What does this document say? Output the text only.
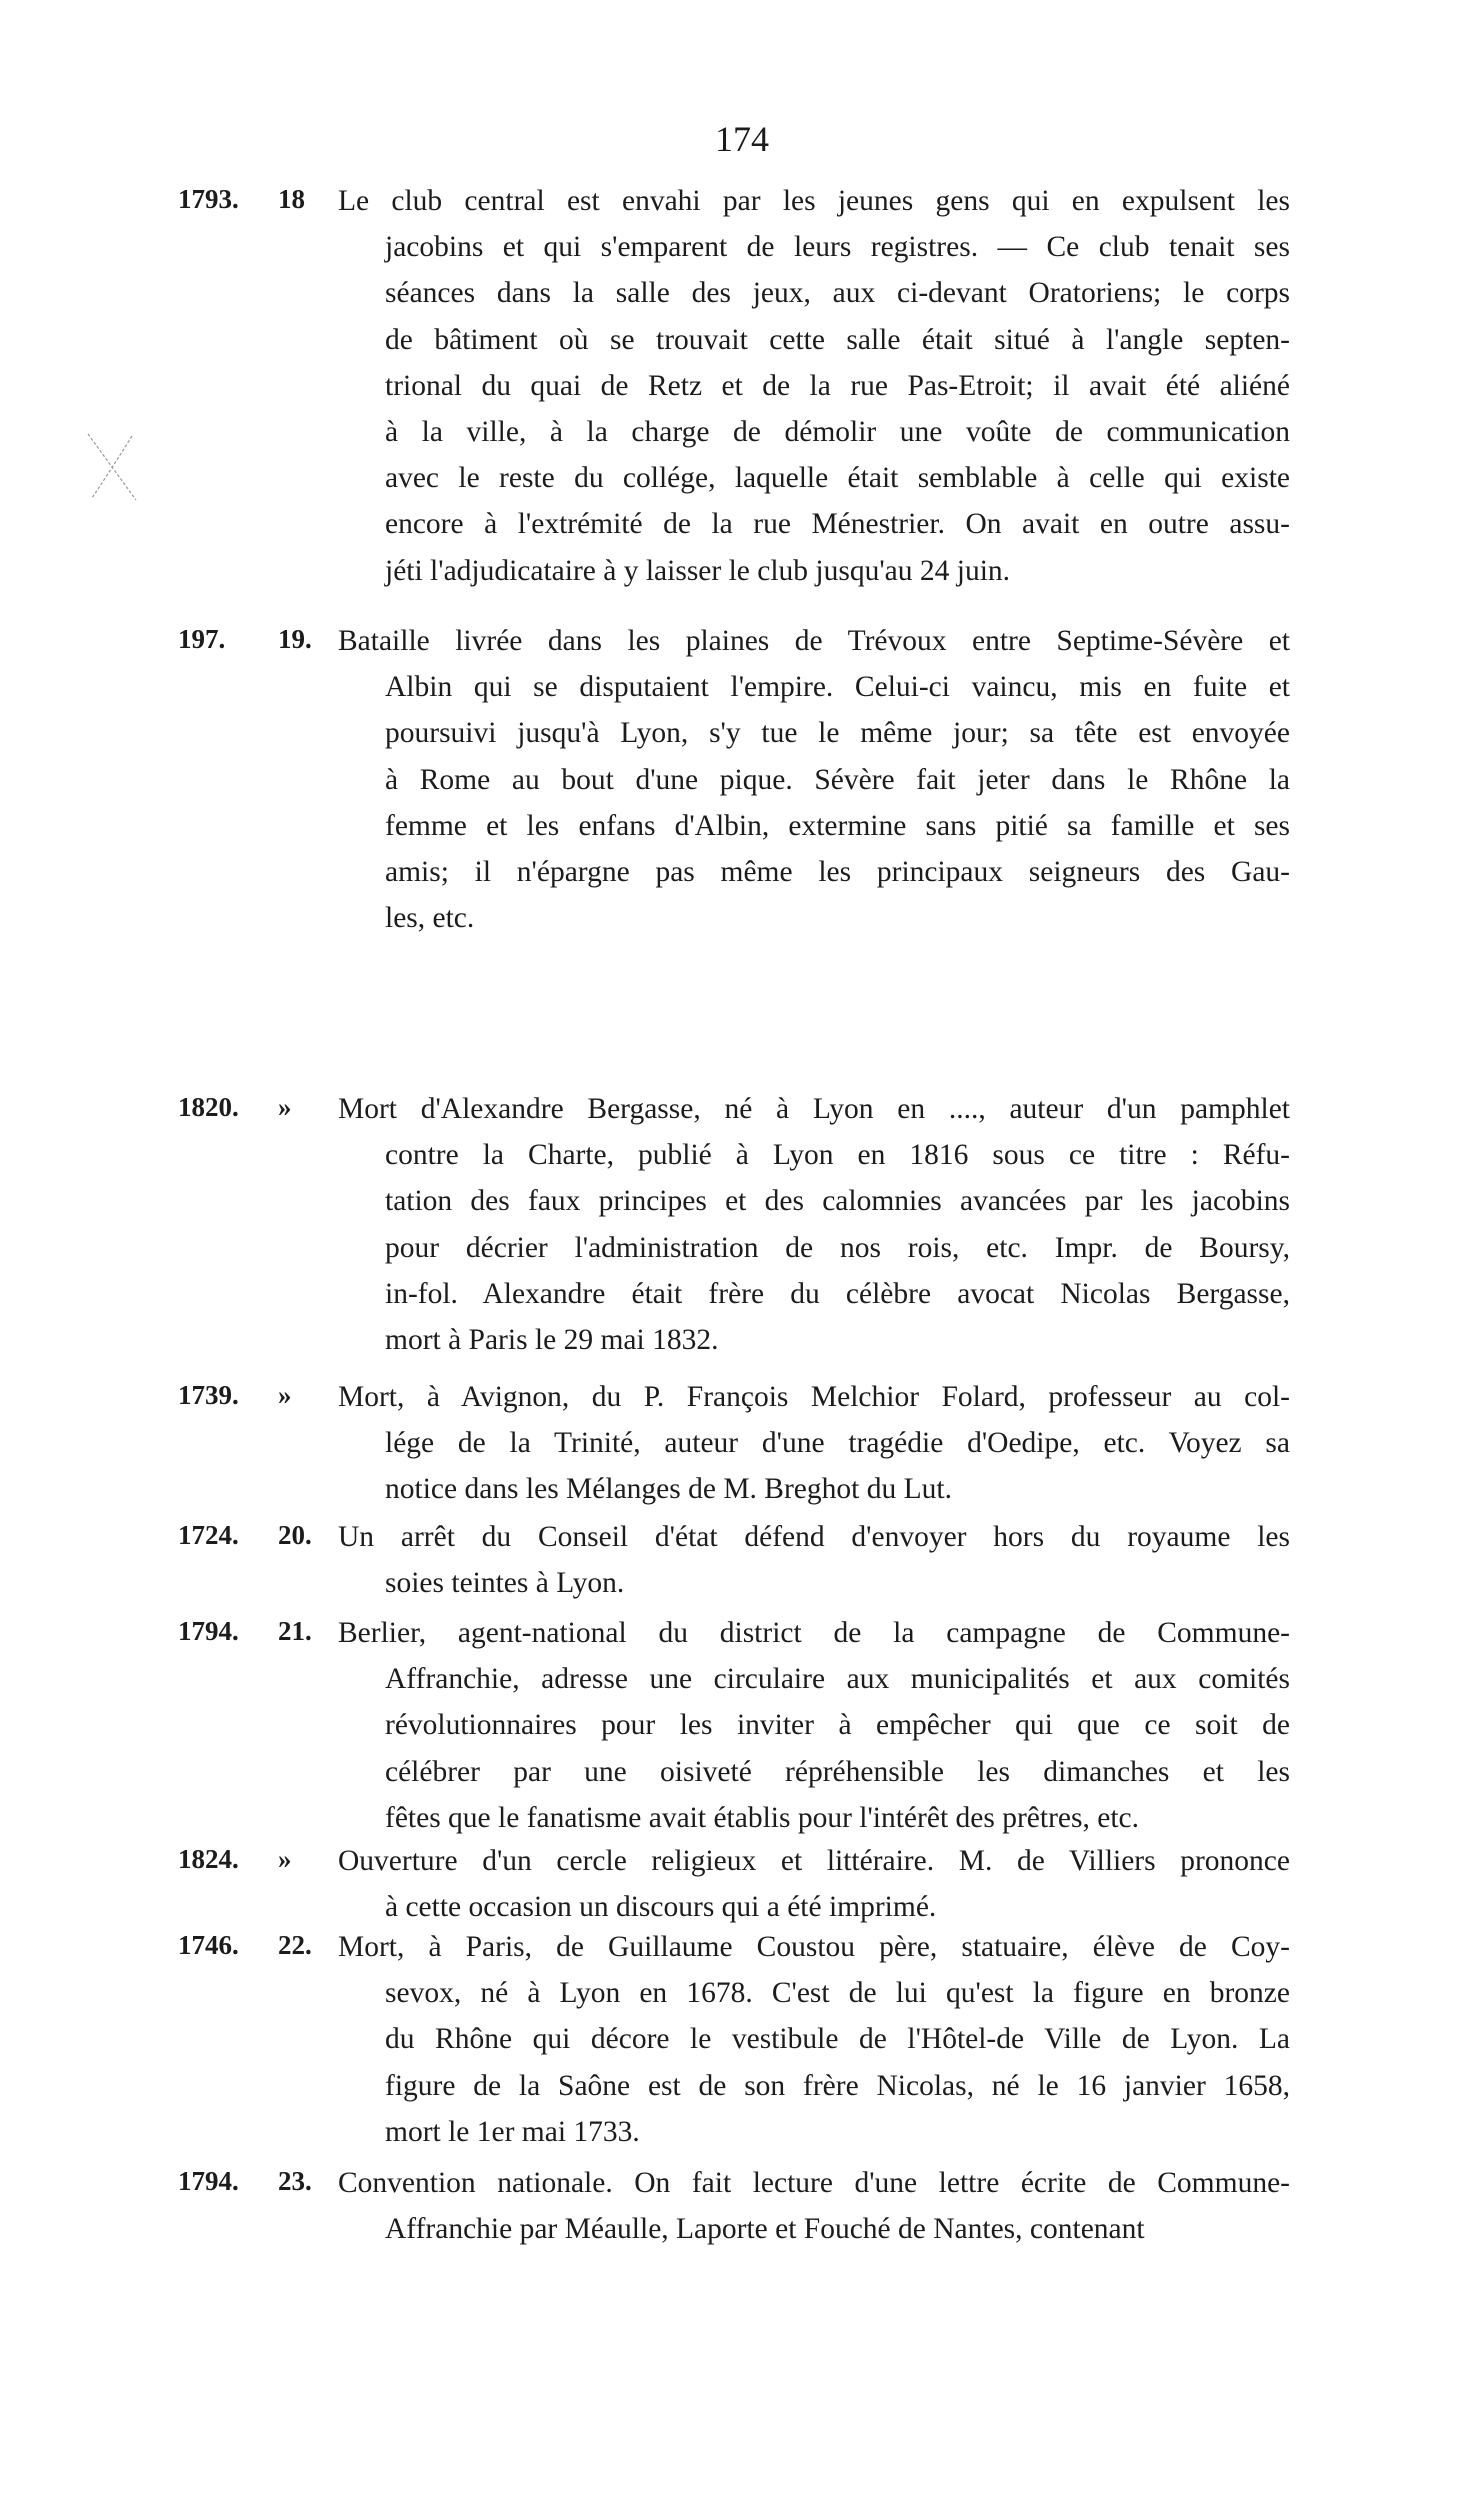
174
1793.	18	Le club central est envahi par les jeunes gens qui en expulsent les
jacobins et qui s'emparent de leurs registres. — Ce club tenait ses
séances dans la salle des jeux, aux ci-devant Oratoriens; le corps
de bâtiment où se trouvait cette salle était situé à l'angle septen-
trional du quai de Retz et de la rue Pas-Etroit; il avait été aliéné
à la ville, à la charge de démolir une voûte de communication
avec le reste du collége, laquelle était semblable à celle qui existe
encore à l'extrémité de la rue Ménestrier. On avait en outre assu-
jéti l'adjudicataire à y laisser le club jusqu'au 24 juin.
197.	19. Bataille livrée dans les plaines de Trévoux entre Septime-Sévère et
Albin qui se disputaient l'empire. Celui-ci vaincu, mis en fuite et
poursuivi jusqu'à Lyon, s'y tue le même jour; sa tête est envoyée
à Rome au bout d'une pique. Sévère fait jeter dans le Rhône la
femme et les enfans d'Albin, extermine sans pitié sa famille et ses
amis; il n'épargne pas même les principaux seigneurs des Gau-
les, etc.
1820.	»	Mort d'Alexandre Bergasse, né à Lyon en ...., auteur d'un pamphlet
contre la Charte, publié à Lyon en 1816 sous ce titre : Réfu-
tation des faux principes et des calomnies avancées par les jacobins
pour décrier l'administration de nos rois, etc. Impr. de Boursy,
in-fol. Alexandre était frère du célèbre avocat Nicolas Bergasse,
mort à Paris le 29 mai 1832.
1739.	»	Mort, à Avignon, du P. François Melchior Folard, professeur au col-
lége de la Trinité, auteur d'une tragédie d'Oedipe, etc. Voyez sa
notice dans les Mélanges de M. Breghot du Lut.
1724.	20. Un arrêt du Conseil d'état défend d'envoyer hors du royaume les
soies teintes à Lyon.
1794.	21. Berlier, agent-national du district de la campagne de Commune-
Affranchie, adresse une circulaire aux municipalités et aux comités
révolutionnaires pour les inviter à empêcher qui que ce soit de
célébrer par une oisiveté répréhensible les dimanches et les
fêtes que le fanatisme avait établis pour l'intérêt des prêtres, etc.
1824.	»	Ouverture d'un cercle religieux et littéraire. M. de Villiers prononce
à cette occasion un discours qui a été imprimé.
1746.	22. Mort, à Paris, de Guillaume Coustou père, statuaire, élève de Coy-
sevox, né à Lyon en 1678. C'est de lui qu'est la figure en bronze
du Rhône qui décore le vestibule de l'Hôtel-de Ville de Lyon. La
figure de la Saône est de son frère Nicolas, né le 16 janvier 1658,
mort le 1er mai 1733.
1794.	23. Convention nationale. On fait lecture d'une lettre écrite de Commune-
Affranchie par Méaulle, Laporte et Fouché de Nantes, contenant
